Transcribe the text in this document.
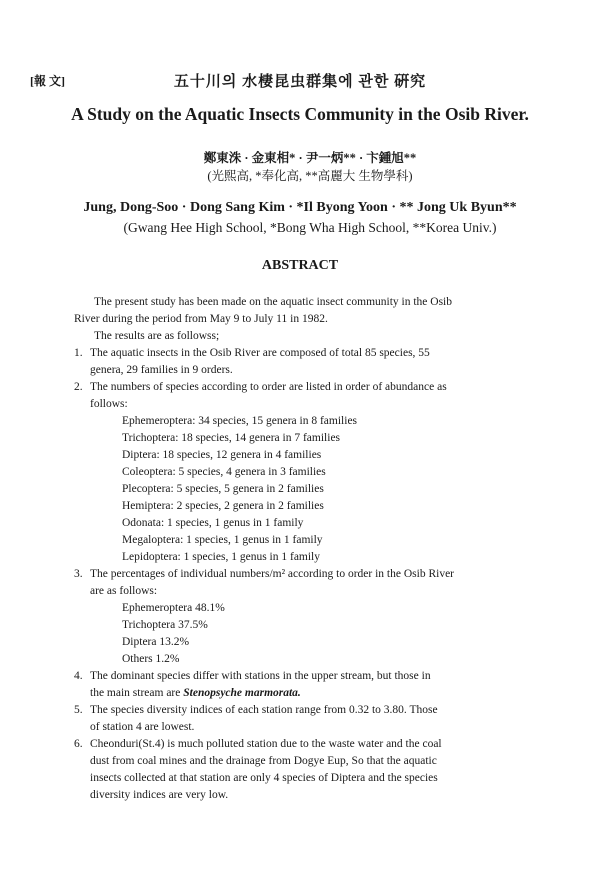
[報 文]	五十川의 水棲昆虫群集에 관한 硏究
A Study on the Aquatic Insects Community in the Osib River.
鄭東洙 · 金東相* · 尹一炳** · 卞鍾旭**
(光熙高, *奉化高, **高麗大 生物學科)
Jung, Dong-Soo · Dong Sang Kim · *Il Byong Yoon · ** Jong Uk Byun**
(Gwang Hee High School, *Bong Wha High School, **Korea Univ.)
ABSTRACT

The present study has been made on the aquatic insect community in the Osib

River during the period from May 9 to July 11 in 1982.

The results are as followss;

1. The aquatic insects in the Osib River are composed of total 85 species, 55

genera, 29 families in 9 orders.

2. The numbers of species according to order are listed in order of abundance as

follows:

Ephemeroptera: 34 species, 15 genera in 8 families
Trichoptera: 18 species, 14 genera in 7 families
Diptera: 18 species, 12 genera in 4 families
Coleoptera: 5 species, 4 genera in 3 families
Plecoptera: 5 species, 5 genera in 2 families
Hemiptera: 2 species, 2 genera in 2 families
Odonata: 1 species, 1 genus in 1 family
Megaloptera: 1 species, 1 genus in 1 family
Lepidoptera: 1 species, 1 genus in 1 family
3. The percentages of individual numbers/m² according to order in the Osib River

are as follows:

Ephemeroptera 48.1%
Trichoptera 37.5%
Diptera 13.2%
Others 1.2%
4. The dominant species differ with stations in the upper stream, but those in

the main stream are Stenopsyche marmorata.

5. The species diversity indices of each station range from 0.32 to 3.80. Those

of station 4 are lowest.

6. Cheonduri(St.4) is much polluted station due to the waste water and the coal

dust from coal mines and the drainage from Dogye Eup, So that the aquatic

insects collected at that station are only 4 species of Diptera and the species

diversity indices are very low.
